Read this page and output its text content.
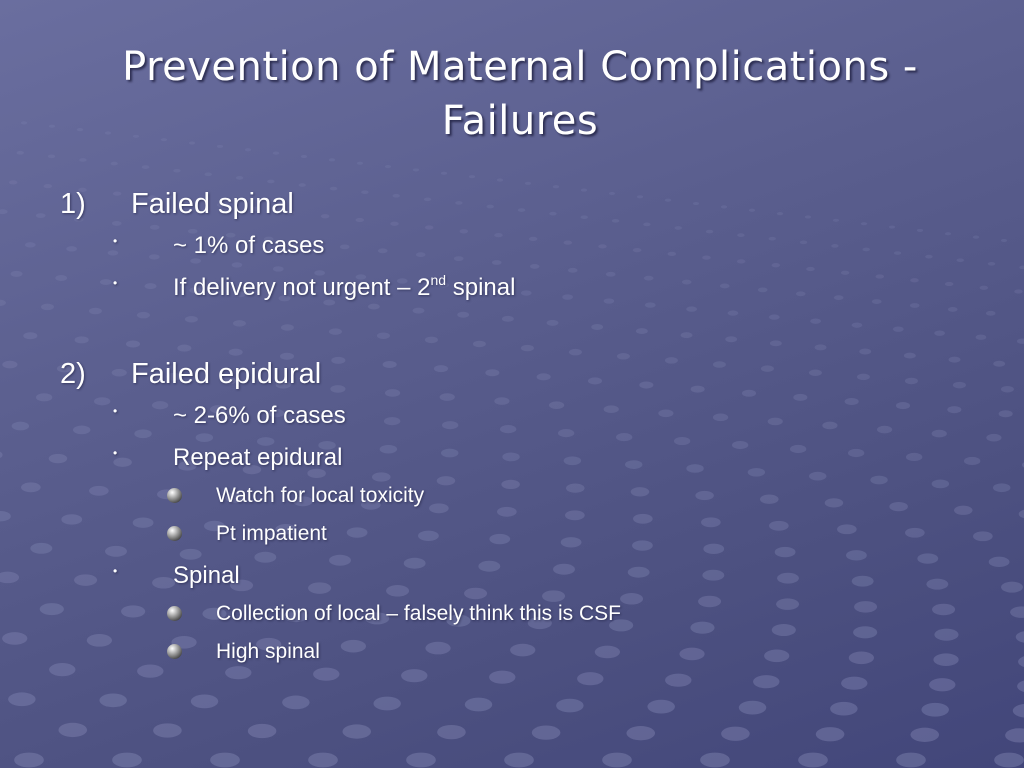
Prevention of Maternal Complications -
Failures
1) Failed spinal
• ~ 1% of cases
• If delivery not urgent – 2nd spinal
2) Failed epidural
• ~ 2-6% of cases
• Repeat epidural
Watch for local toxicity
Pt impatient
• Spinal
Collection of local – falsely think this is CSF
High spinal
